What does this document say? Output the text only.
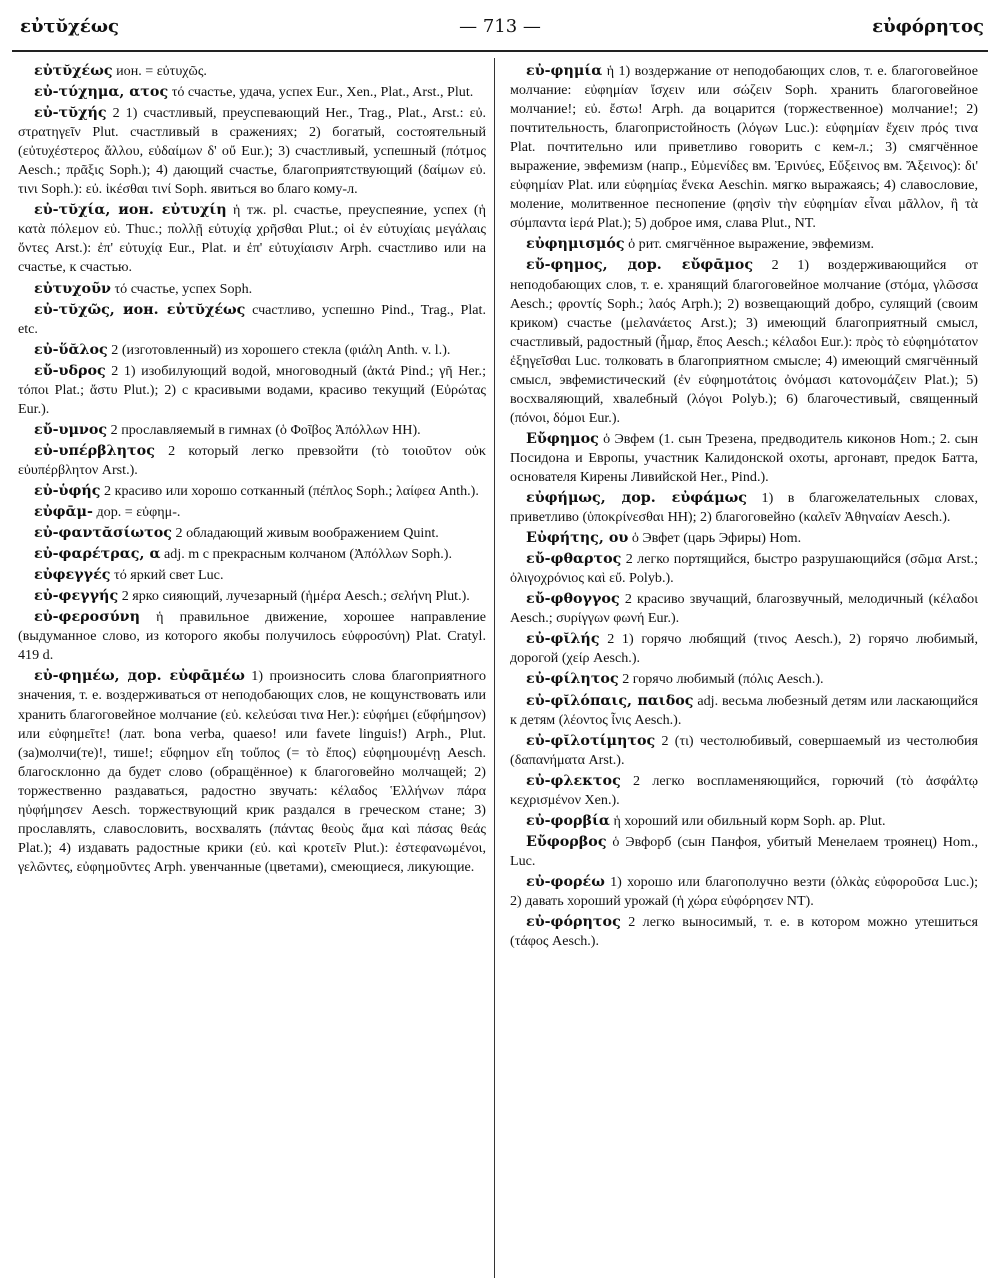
εὐτῠχέως	— 713 —	εὐφόρητος

εὐτῠχέως ион. = εὐτυχῶς.

εὐ-τύχημα, ατος τό счастье, удача, успех Eur., Xen., Plat., Arst., Plut.

εὐ-τῠχής 2 1) счастливый, преуспевающий Her., Trag., Plat., Arst.: εὐ. στρατηγεῖν Plut. счастливый в сражениях; 2) богатый, состоятельный (εὐτυχέστερος ἄλλου, εὐδαίμων δ' οὔ Eur.); 3) счастливый, успешный (πότμος Aesch.; πρᾶξις Soph.); 4) дающий счастье, благоприятствующий (δαίμων εὐ. τινι Soph.): εὐ. ἱκέσθαι τινί Soph. явиться во благо кому-л.

εὐ-τῠχία, ион. εὐτυχίη ἡ тж. pl. счастье, преуспеяние, успех (ἡ κατὰ πόλεμον εὐ. Thuc.; πολλῇ εὐτυχίᾳ χρῆσθαι Plut.; οἱ ἐν εὐτυχίαις μεγάλαις ὄντες Arst.): ἐπ' εὐτυχίᾳ Eur., Plat. и ἐπ' εὐτυχίαισιν Arph. счастливо или на счастье, к счастью.

εὐτυχοῦν τό счастье, успех Soph.

εὐ-τῠχῶς, ион. εὐτῠχέως счастливо, успешно Pind., Trag., Plat. etc.

εὐ-ὕᾰλος 2 (изготовленный) из хорошего стекла (φιάλη Anth. v. l.).

εὔ-υδρος 2 1) изобилующий водой, многоводный (ἀκτά Pind.; γῆ Her.; τόποι Plat.; ἄστυ Plut.); 2) с красивыми водами, красиво текущий (Εὐρώτας Eur.).

εὔ-υμνος 2 прославляемый в гимнах (ὁ Φοῖβος Ἀπόλλων HH).

εὐ-υπέρβλητος 2 который легко превзойти (τὸ τοιοῦτον οὐκ εὐυπέρβλητον Arst.).

εὐ-ὑφής 2 красиво или хорошо сотканный (πέπλος Soph.; λαίφεα Anth.).

εὐφᾱμ- дор. = εὐφημ-.

εὐ-φαντᾰσίωτος 2 обладающий живым воображением Quint.

εὐ-φαρέτρας, α adj. m с прекрасным колчаном (Ἀπόλλων Soph.).

εὐφεγγές τό яркий свет Luc.

εὐ-φεγγής 2 ярко сияющий, лучезарный (ἡμέρα Aesch.; σελήνη Plut.).

εὐ-φεροσύνη ἡ правильное движение, хорошее направление (выдуманное слово, из которого якобы получилось εὐφροσύνη) Plat. Cratyl. 419 d.

εὐ-φημέω, дор. εὐφᾱμέω 1) произносить слова благоприятного значения, т. е. воздерживаться от неподобающих слов, не кощунствовать или хранить благоговейное молчание (εὐ. κελεύσαι τινα Her.): εὐφήμει (εὔφήμησον) или εὐφημεῖτε! (лат. bona verba, quaeso! или favete linguis!) Arph., Plut. (за)молчи(те)!, тише!; εὔφημον εἴη τοὔπος (= τὸ ἔπος) εὐφημουμένῃ Aesch. благосклонно да будет слово (обращённое) к благоговейно молчащей; 2) торжественно раздаваться, радостно звучать: κέλαδος Ἑλλήνων πάρα ηὐφήμησεν Aesch. торжествующий крик раздался в греческом стане; 3) прославлять, славословить, восхвалять (πάντας θεοὺς ἅμα καὶ πάσας θεάς Plat.); 4) издавать радостные крики (εὐ. καὶ κροτεῖν Plut.): ἐστεφανωμένοι, γελῶντες, εὐφημοῦντες Arph. увенчанные (цветами), смеющиеся, ликующие.

εὐ-φημία ἡ 1) воздержание от неподобающих слов, т. е. благоговейное молчание: εὐφημίαν ἴσχειν или σώζειν Soph. хранить благоговейное молчание!; εὐ. ἔστω! Arph. да воцарится (торжественное) молчание!; 2) почтительность, благопристойность (λόγων Luc.): εὐφημίαν ἔχειν πρός τινα Plat. почтительно или приветливо говорить с кем-л.; 3) смягчённое выражение, эвфемизм (напр., Εὐμενίδες вм. Ἐρινύες, Εὔξεινος вм. Ἄξεινος): δι' εὐφημίαν Plat. или εὐφημίας ἕνεκα Aeschin. мягко выражаясь; 4) славословие, моление, молитвенное песнопение (φησὶν τὴν εὐφημίαν εἶναι μᾶλλον, ἢ τὰ σύμπαντα ἱερά Plat.); 5) доброе имя, слава Plut., NT.

εὐφημισμός ὁ рит. смягчённое выражение, эвфемизм.

εὔ-φημος, дор. εὔφᾱμος 2 1) воздерживающийся от неподобающих слов, т. е. хранящий благоговейное молчание (στόμα, γλῶσσα Aesch.; φροντίς Soph.; λαός Arph.); 2) возвещающий добро, сулящий (своим криком) счастье (μελανάετος Arst.); 3) имеющий благоприятный смысл, счастливый, радостный (ἦμαρ, ἔπος Aesch.; κέλαδοι Eur.): πρὸς τὸ εὐφημότατον ἐξηγεῖσθαι Luc. толковать в благоприятном смысле; 4) имеющий смягчённый смысл, эвфемистический (ἐν εὐφημοτάτοις ὀνόμασι κατονομάζειν Plat.); 5) восхваляющий, хвалебный (λόγοι Polyb.); 6) благочестивый, священный (πόνοι, δόμοι Eur.).

Εὔφημος ὁ Эвфем (1. сын Трезена, предводитель киконов Hom.; 2. сын Посидона и Европы, участник Калидонской охоты, аргонавт, предок Батта, основателя Кирены Ливийской Her., Pind.).

εὐφήμως, дор. εὐφάμως 1) в благожелательных словах, приветливо (ὑποκρίνεσθαι HH); 2) благоговейно (καλεῖν Ἀθηναίαν Aesch.).

Εὐφήτης, ου ὁ Эвфет (царь Эфиры) Hom.

εὔ-φθαρτος 2 легко портящийся, быстро разрушающийся (σῶμα Arst.; ὀλιγοχρόνιος καὶ εὔ. Polyb.).

εὔ-φθογγος 2 красиво звучащий, благозвучный, мелодичный (κέλαδοι Aesch.; συρίγγων φωνή Eur.).

εὐ-φῐλής 2 1) горячо любящий (τινος Aesch.), 2) горячо любимый, дорогой (χείρ Aesch.).

εὐ-φίλητος 2 горячо любимый (πόλις Aesch.).

εὐ-φῐλόπαις, παιδος adj. весьма любезный детям или ласкающийся к детям (λέοντος ἶνις Aesch.).

εὐ-φῐλοτίμητος 2 (τι) честолюбивый, совершаемый из честолюбия (δαπανήματα Arst.).

εὐ-φλεκτος 2 легко воспламеняющийся, горючий (τὸ ἀσφάλτῳ κεχρισμένον Xen.).

εὐ-φορβία ἡ хороший или обильный корм Soph. ap. Plut.

Εὔφορβος ὁ Эвфорб (сын Панфоя, убитый Менелаем троянец) Hom., Luc.

εὐ-φορέω 1) хорошо или благополучно везти (ὁλκὰς εὐφοροῦσα Luc.); 2) давать хороший урожай (ἡ χώρα εὐφόρησεν NT).

εὐ-φόρητος 2 легко выносимый, т. е. в котором можно утешиться (τάφος Aesch.).
